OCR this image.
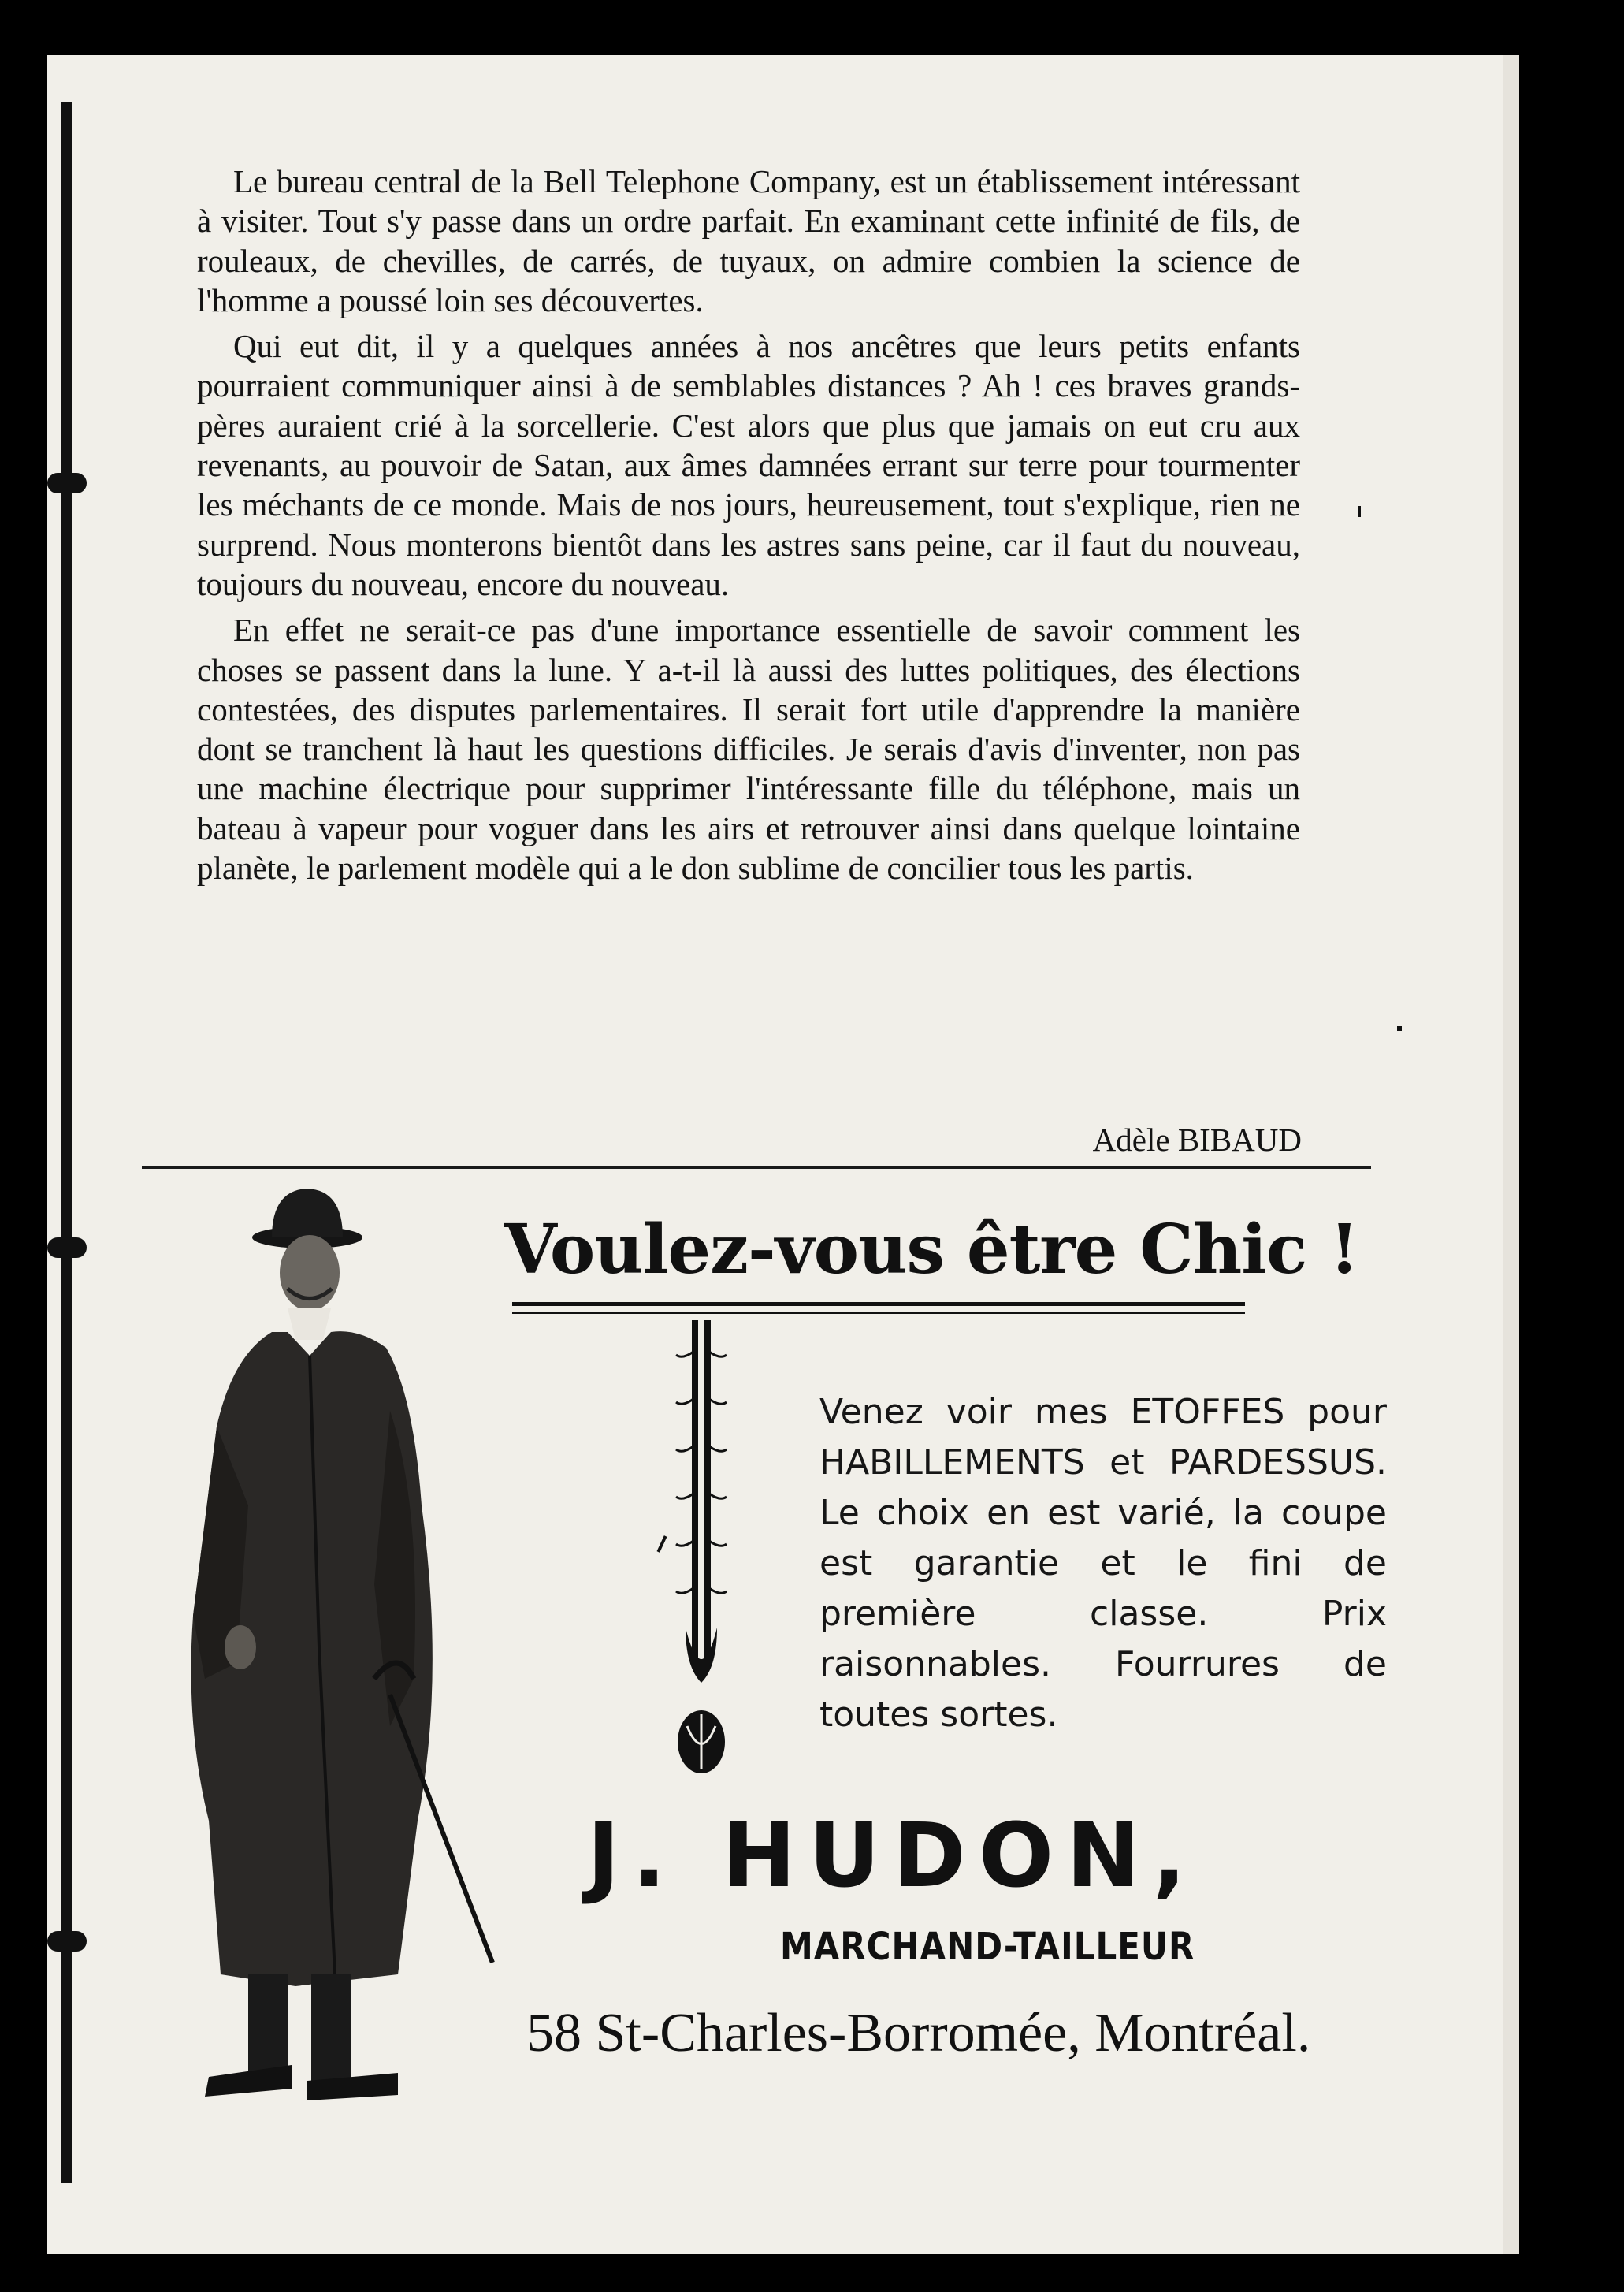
Le bureau central de la Bell Telephone Company, est un établissement intéressant à visiter. Tout s'y passe dans un ordre parfait. En examinant cette infinité de fils, de rouleaux, de chevilles, de carrés, de tuyaux, on admire combien la science de l'homme a poussé loin ses découvertes.

Qui eut dit, il y a quelques années à nos ancêtres que leurs petits enfants pourraient communiquer ainsi à de semblables distances ? Ah ! ces braves grands-pères auraient crié à la sorcellerie. C'est alors que plus que jamais on eut cru aux revenants, au pouvoir de Satan, aux âmes damnées errant sur terre pour tourmenter les méchants de ce monde. Mais de nos jours, heureusement, tout s'explique, rien ne surprend. Nous monterons bientôt dans les astres sans peine, car il faut du nouveau, toujours du nouveau, encore du nouveau.

En effet ne serait-ce pas d'une importance essentielle de savoir comment les choses se passent dans la lune. Y a-t-il là aussi des luttes politiques, des élections contestées, des disputes parlementaires. Il serait fort utile d'apprendre la manière dont se tranchent là haut les questions difficiles. Je serais d'avis d'inventer, non pas une machine électrique pour supprimer l'intéressante fille du téléphone, mais un bateau à vapeur pour voguer dans les airs et retrouver ainsi dans quelque lointaine planète, le parlement modèle qui a le don sublime de concilier tous les partis.

Adèle BIBAUD
Voulez-vous être Chic !
Venez voir mes ETOFFES pour HABILLEMENTS et PARDESSUS. Le choix en est varié, la coupe est garantie et le fini de première classe. Prix raisonnables. Fourrures de toutes sortes.
J. HUDON,
MARCHAND-TAILLEUR
58 St-Charles-Borromée, Montréal.
